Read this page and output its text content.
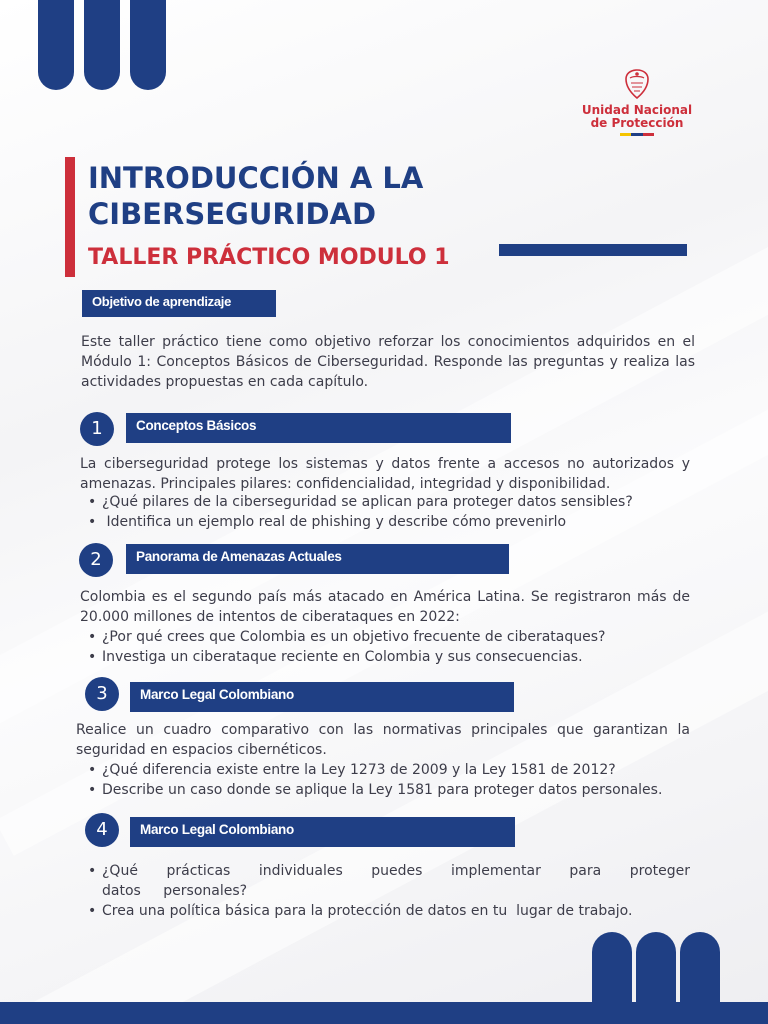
Unidad Nacional
de Protección
INTRODUCCIÓN A LA
CIBERSEGURIDAD
TALLER PRÁCTICO MODULO 1
Objetivo de aprendizaje

Este taller práctico tiene como objetivo reforzar los conocimientos adquiridos en el Módulo 1: Conceptos Básicos de Ciberseguridad. Responde las preguntas y realiza las actividades propuestas en cada capítulo.

1	Conceptos Básicos

La ciberseguridad protege los sistemas y datos frente a accesos no autorizados y amenazas. Principales pilares: confidencialidad, integridad y disponibilidad.

• ¿Qué pilares de la ciberseguridad se aplican para proteger datos sensibles?
•  Identifica un ejemplo real de phishing y describe cómo prevenirlo
2	Panorama de Amenazas Actuales

Colombia es el segundo país más atacado en América Latina. Se registraron más de 20.000 millones de intentos de ciberataques en 2022:

• ¿Por qué crees que Colombia es un objetivo frecuente de ciberataques?
• Investiga un ciberataque reciente en Colombia y sus consecuencias.
3	Marco Legal Colombiano

Realice un cuadro comparativo con las normativas principales que garantizan la seguridad en espacios cibernéticos.

• ¿Qué diferencia existe entre la Ley 1273 de 2009 y la Ley 1581 de 2012?
• Describe un caso donde se aplique la Ley 1581 para proteger datos personales.
4	Marco Legal Colombiano
• ¿Qué prácticas individuales puedes implementar para proteger datos personales?
• Crea una política básica para la protección de datos en tu  lugar de trabajo.
